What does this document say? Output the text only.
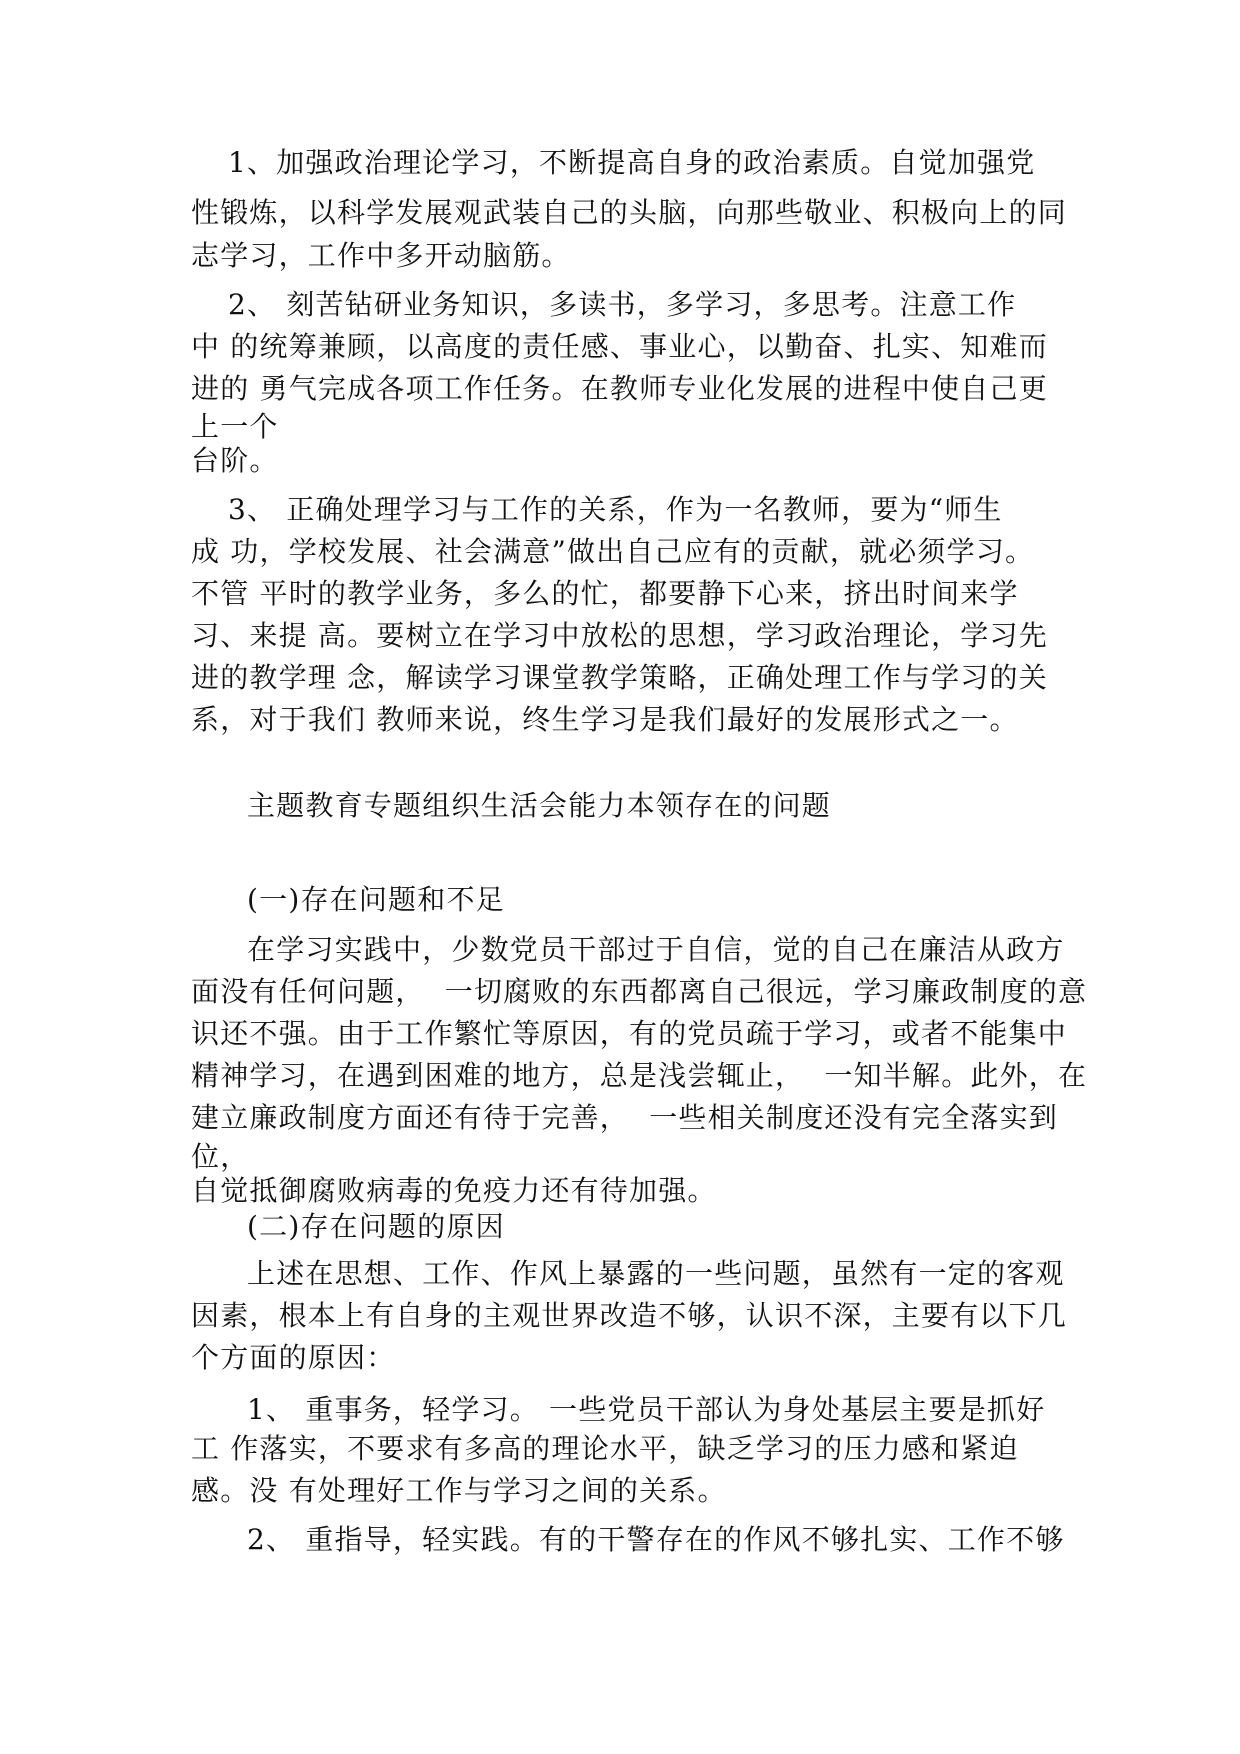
1、加强政治理论学习，不断提高自身的政治素质。自觉加强党
性锻炼，以科学发展观武装自己的头脑，向那些敬业、积极向上的同
志学习，工作中多开动脑筋。
2、 刻苦钻研业务知识，多读书，多学习，多思考。注意工作
中 的统筹兼顾，以高度的责任感、事业心，以勤奋、扎实、知难而
进的 勇气完成各项工作任务。在教师专业化发展的进程中使自己更
上一个
台阶。
3、 正确处理学习与工作的关系，作为一名教师，要为“师生
成 功，学校发展、社会满意”做出自己应有的贡献，就必须学习。
不管 平时的教学业务，多么的忙，都要静下心来，挤出时间来学
习、来提 高。要树立在学习中放松的思想，学习政治理论，学习先
进的教学理 念，解读学习课堂教学策略，正确处理工作与学习的关
系，对于我们 教师来说，终生学习是我们最好的发展形式之一。
主题教育专题组织生活会能力本领存在的问题
(一)存在问题和不足
在学习实践中，少数党员干部过于自信，觉的自己在廉洁从政方
面没有任何问题，  一切腐败的东西都离自己很远，学习廉政制度的意
识还不强。由于工作繁忙等原因，有的党员疏于学习，或者不能集中
精神学习，在遇到困难的地方，总是浅尝辄止，  一知半解。此外，在
建立廉政制度方面还有待于完善，  一些相关制度还没有完全落实到
位，
自觉抵御腐败病毒的免疫力还有待加强。
(二)存在问题的原因
上述在思想、工作、作风上暴露的一些问题，虽然有一定的客观
因素，根本上有自身的主观世界改造不够，认识不深，主要有以下几
个方面的原因：
1、 重事务，轻学习。 一些党员干部认为身处基层主要是抓好
工 作落实，不要求有多高的理论水平，缺乏学习的压力感和紧迫
感。没 有处理好工作与学习之间的关系。
2、 重指导，轻实践。有的干警存在的作风不够扎实、工作不够
